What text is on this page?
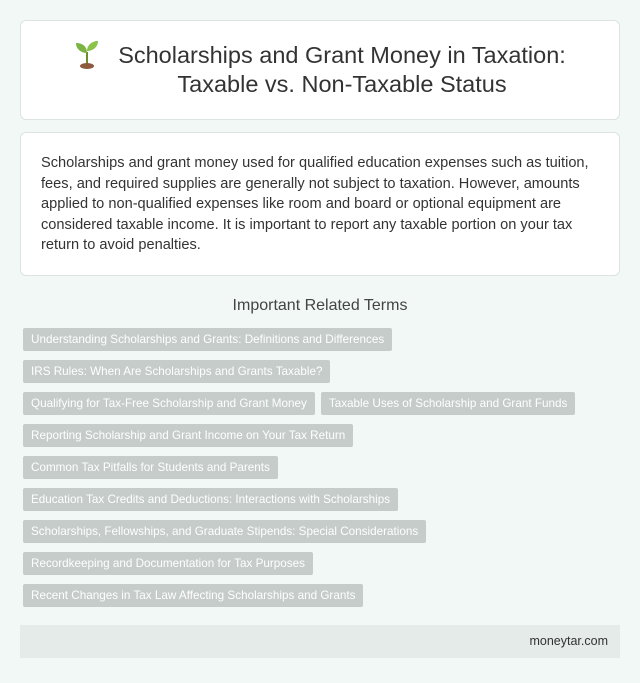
Scholarships and Grant Money in Taxation:
Taxable vs. Non-Taxable Status

Scholarships and grant money used for qualified education expenses such as tuition, fees, and required supplies are generally not subject to taxation. However, amounts applied to non-qualified expenses like room and board or optional equipment are considered taxable income. It is important to report any taxable portion on your tax return to avoid penalties.

Important Related Terms
Understanding Scholarships and Grants: Definitions and Differences
IRS Rules: When Are Scholarships and Grants Taxable?
Qualifying for Tax-Free Scholarship and Grant Money	Taxable Uses of Scholarship and Grant Funds
Reporting Scholarship and Grant Income on Your Tax Return
Common Tax Pitfalls for Students and Parents
Education Tax Credits and Deductions: Interactions with Scholarships
Scholarships, Fellowships, and Graduate Stipends: Special Considerations
Recordkeeping and Documentation for Tax Purposes
Recent Changes in Tax Law Affecting Scholarships and Grants
moneytar.com
